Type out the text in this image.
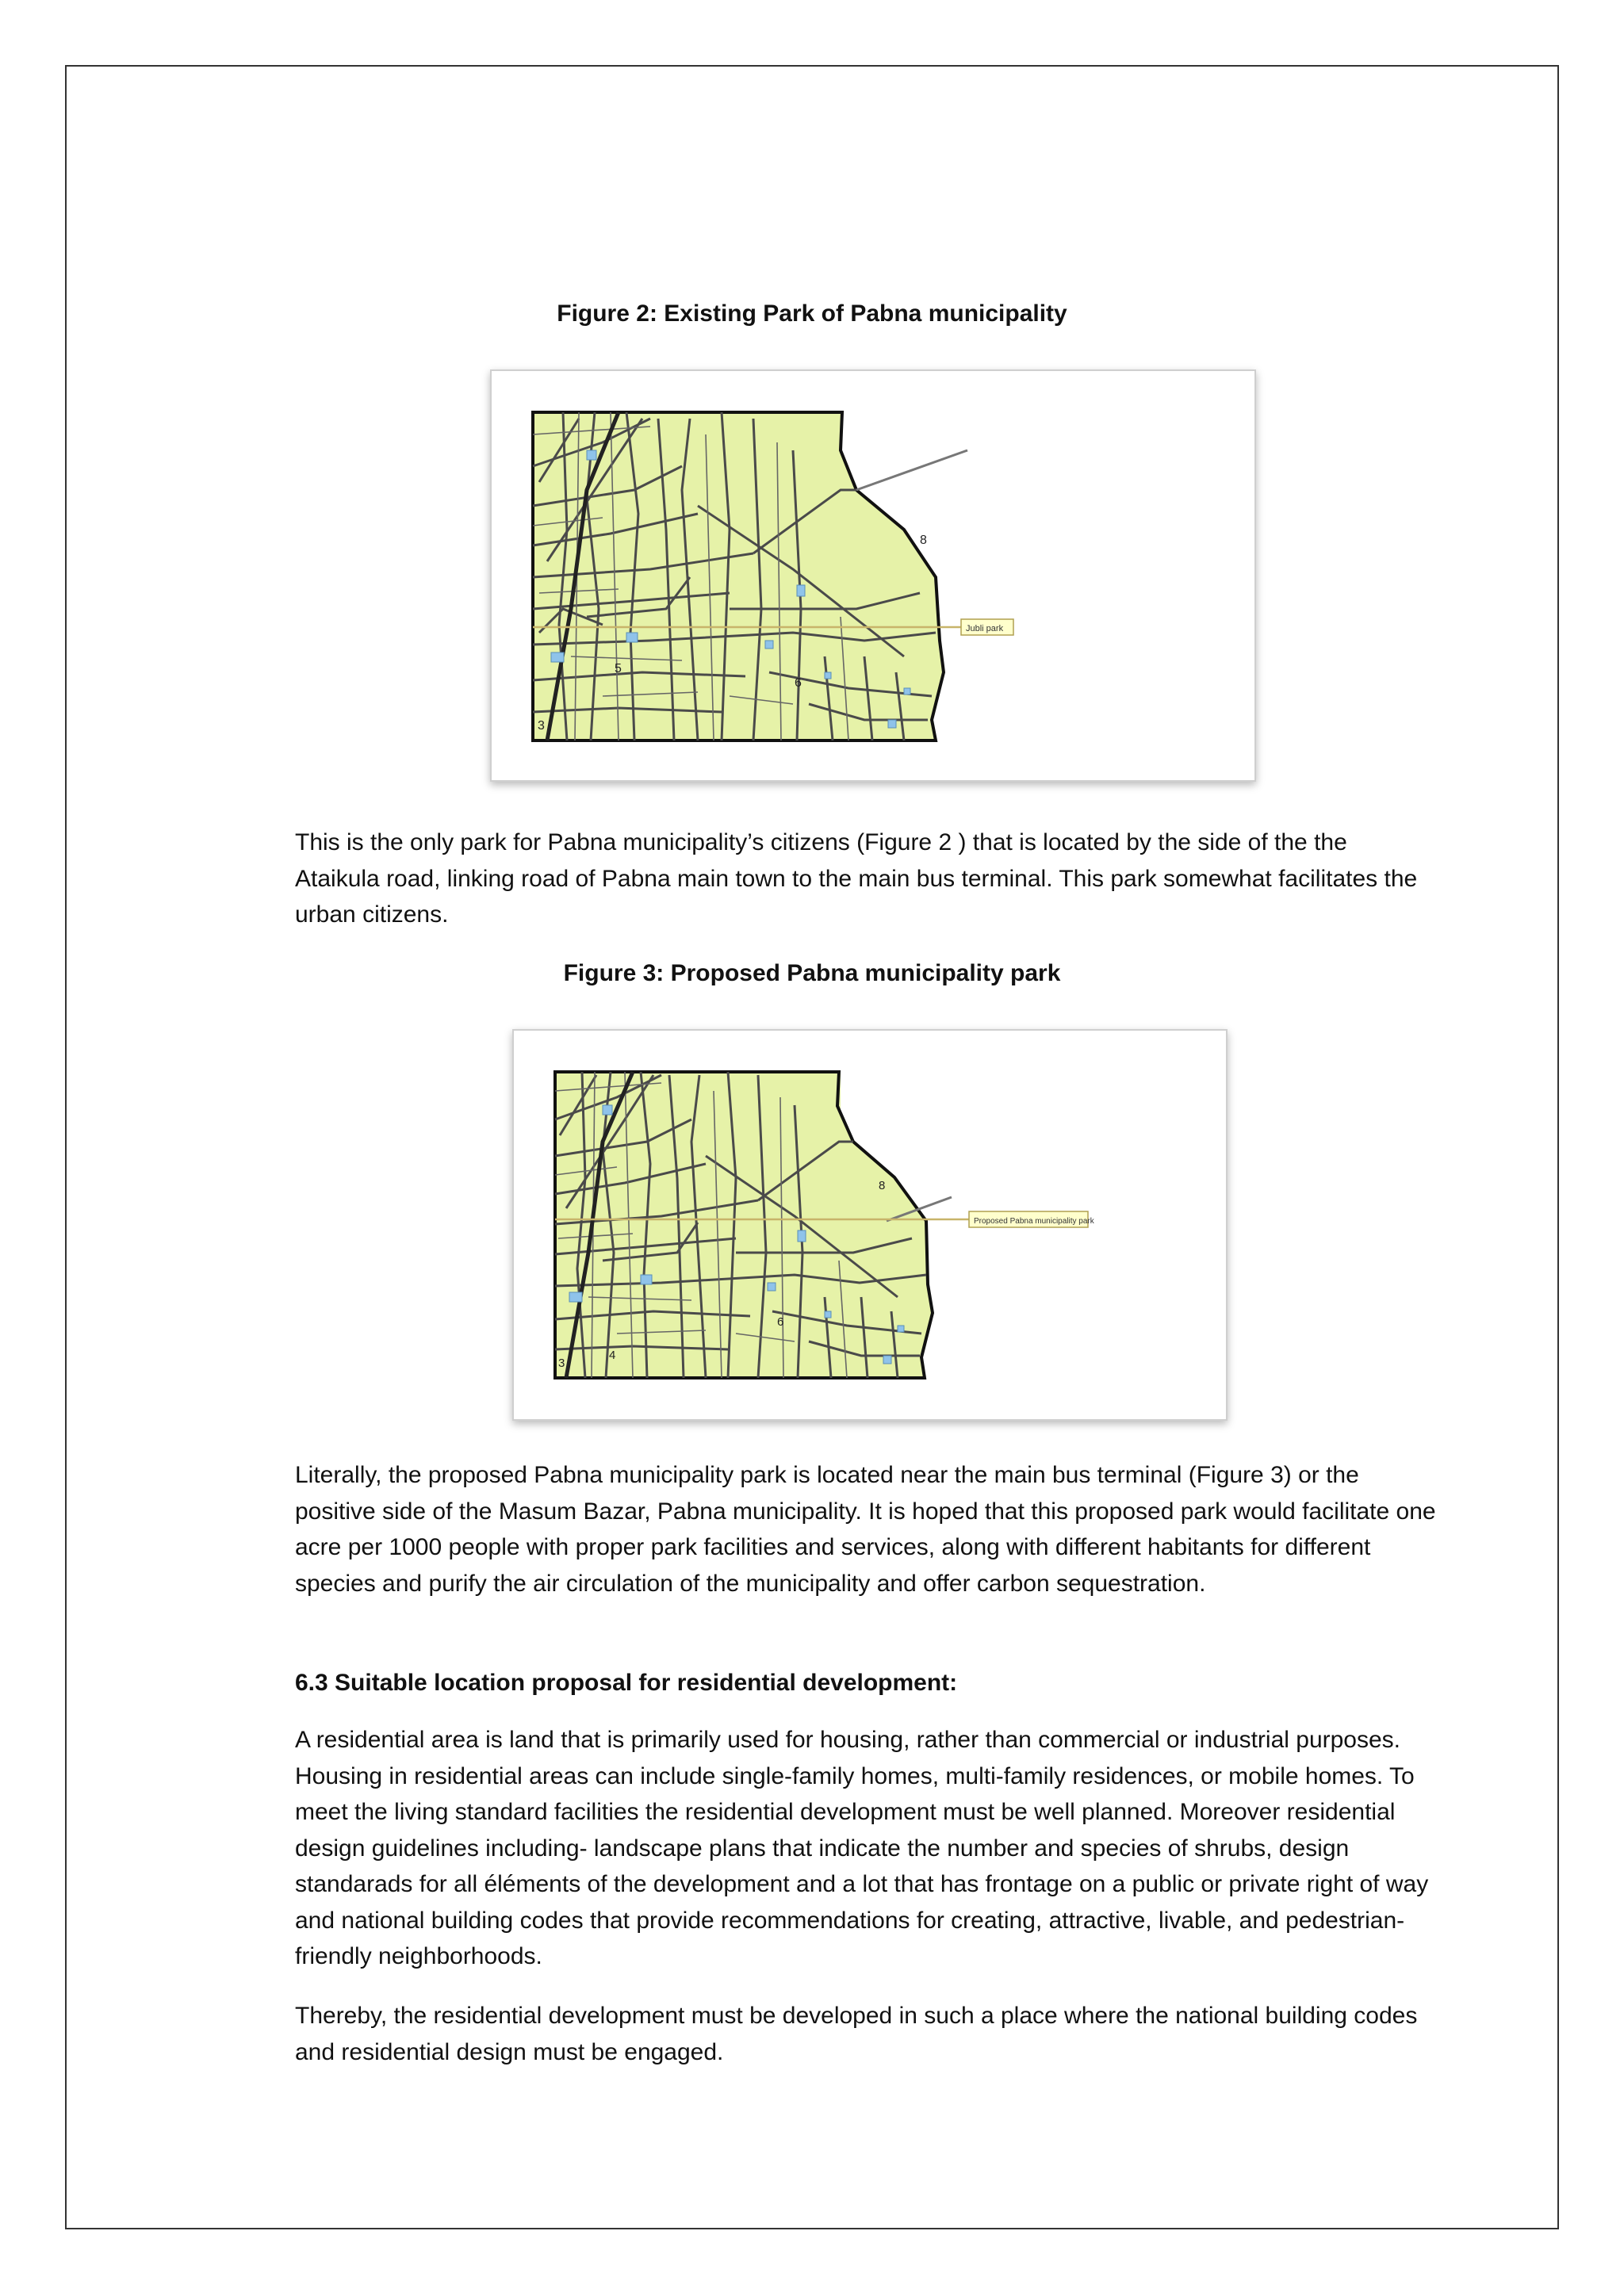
Figure 2: Existing Park of Pabna municipality
Jubli park
8
5
6
3

This is the only park for Pabna municipality’s citizens (Figure 2 ) that is located by the side of the the Ataikula road, linking road of Pabna main town to the main bus terminal. This park somewhat facilitates the urban citizens.

Figure 3: Proposed Pabna municipality park
Proposed Pabna municipality park
8
6
3
4

Literally, the proposed Pabna municipality park is located near the main bus terminal (Figure 3) or the positive side of the Masum Bazar, Pabna municipality. It is hoped that this proposed park would facilitate one acre per 1000 people with proper park facilities and services, along with different habitants for different species and purify the air circulation of the municipality and offer carbon sequestration.

6.3 Suitable location proposal for residential development:

A residential area is land that is primarily used for housing, rather than commercial or industrial purposes. Housing in residential areas can include single-family homes, multi-family residences, or mobile homes. To meet the living standard facilities the residential development must be well planned. Moreover residential design guidelines including- landscape plans that indicate the number and species of shrubs, design standarads for all éléments of the development and a lot that has frontage on a public or private right of way and national building codes that provide recommendations for creating, attractive, livable, and pedestrian-friendly neighborhoods.

Thereby, the residential development must be developed in such a place where the national building codes and residential design must be engaged.
